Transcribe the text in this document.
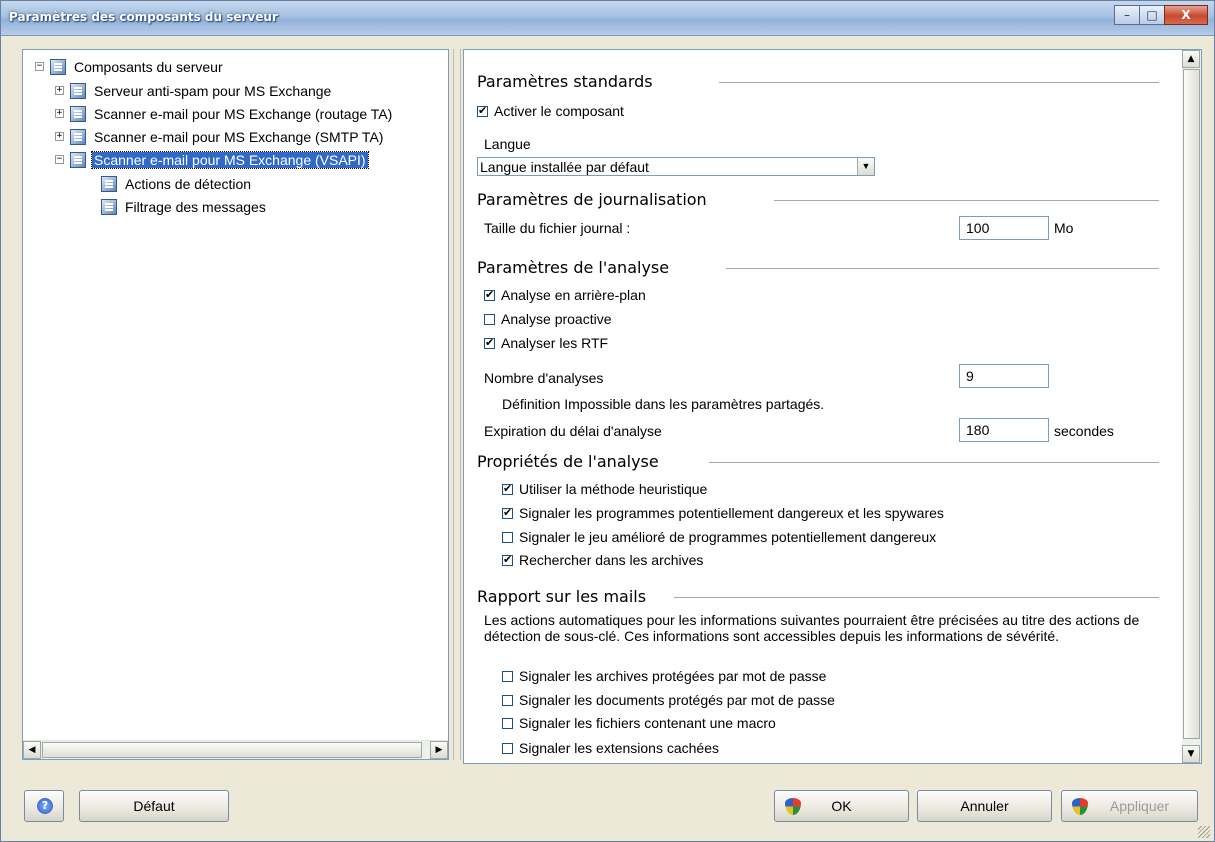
Paramètres des composants du serveur	–	□	X
− Composants du serveur
+ Serveur anti-spam pour MS Exchange
+ Scanner e-mail pour MS Exchange (routage TA)
+ Scanner e-mail pour MS Exchange (SMTP TA)
− Scanner e-mail pour MS Exchange (VSAPI)
Actions de détection
Filtrage des messages
◀	▶
Paramètres standards
✔Activer le composant
Langue
Langue installée par défaut	▼
Paramètres de journalisation
Taille du fichier journal :	100	Mo
Paramètres de l'analyse
✔Analyse en arrière-plan
Analyse proactive
✔Analyser les RTF
Nombre d'analyses	9
Définition Impossible dans les paramètres partagés.
Expiration du délai d'analyse	180	secondes
Propriétés de l'analyse
✔Utiliser la méthode heuristique
✔Signaler les programmes potentiellement dangereux et les spywares
Signaler le jeu amélioré de programmes potentiellement dangereux
✔Rechercher dans les archives
Rapport sur les mails
Les actions automatiques pour les informations suivantes pourraient être précisées au titre des actions de détection de sous-clé. Ces informations sont accessibles depuis les informations de sévérité.
Signaler les archives protégées par mot de passe
Signaler les documents protégés par mot de passe
Signaler les fichiers contenant une macro
Signaler les extensions cachées
▲
▼
?	Défaut	OK	Annuler	Appliquer
